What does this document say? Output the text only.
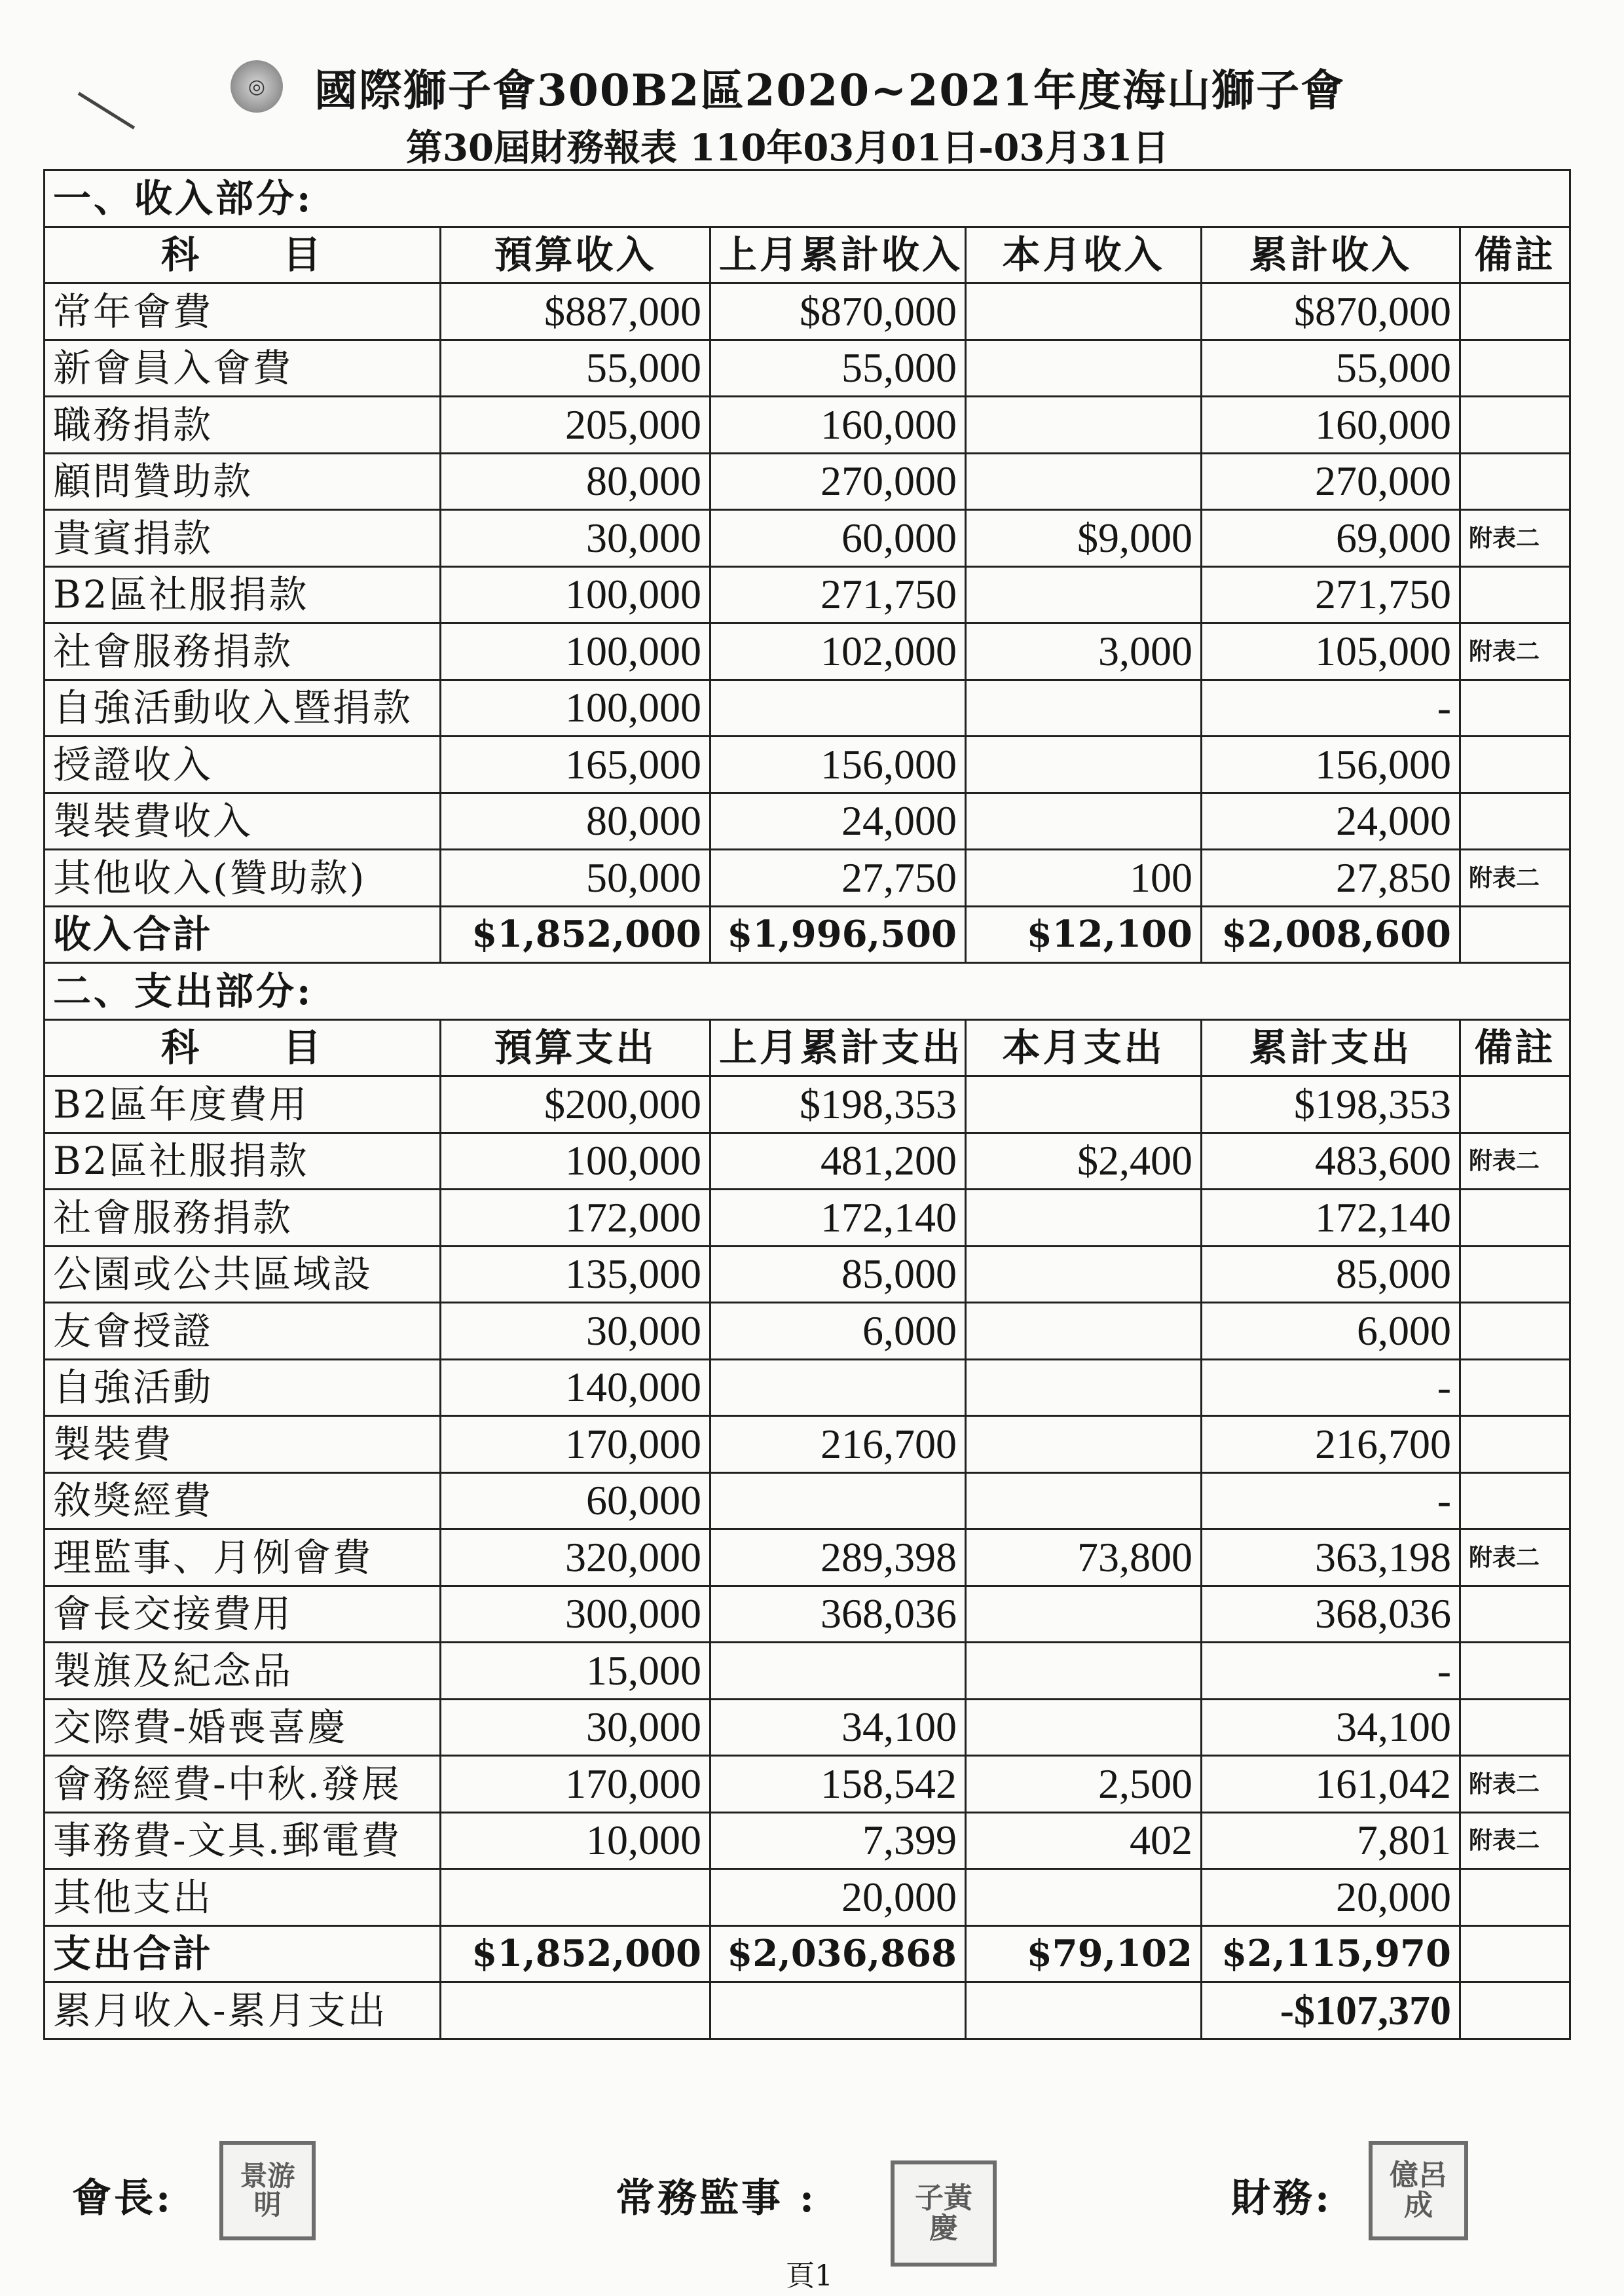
◎	國際獅子會300B2區2020~2021年度海山獅子會
第30屆財務報表 110年03月01日-03月31日
一、收入部分:					
科　　目	預算收入	上月累計收入	本月收入	累計收入	備註
常年會費	$887,000	$870,000		$870,000	
新會員入會費	55,000	55,000		55,000	
職務捐款	205,000	160,000		160,000	
顧問贊助款	80,000	270,000		270,000	
貴賓捐款	30,000	60,000	$9,000	69,000	附表二
B2區社服捐款	100,000	271,750		271,750	
社會服務捐款	100,000	102,000	3,000	105,000	附表二
自強活動收入暨捐款	100,000			-	
授證收入	165,000	156,000		156,000	
製裝費收入	80,000	24,000		24,000	
其他收入(贊助款)	50,000	27,750	100	27,850	附表二
收入合計	$1,852,000	$1,996,500	$12,100	$2,008,600	
二、支出部分:					
科　　目	預算支出	上月累計支出	本月支出	累計支出	備註
B2區年度費用	$200,000	$198,353		$198,353	
B2區社服捐款	100,000	481,200	$2,400	483,600	附表二
社會服務捐款	172,000	172,140		172,140	
公園或公共區域設	135,000	85,000		85,000	
友會授證	30,000	6,000		6,000	
自強活動	140,000			-	
製裝費	170,000	216,700		216,700	
敘獎經費	60,000			-	
理監事、月例會費	320,000	289,398	73,800	363,198	附表二
會長交接費用	300,000	368,036		368,036	
製旗及紀念品	15,000			-	
交際費-婚喪喜慶	30,000	34,100		34,100	
會務經費-中秋.發展	170,000	158,542	2,500	161,042	附表二
事務費-文具.郵電費	10,000	7,399	402	7,801	附表二
其他支出		20,000		20,000	
支出合計	$1,852,000	$2,036,868	$79,102	$2,115,970	
累月收入-累月支出				-$107,370	
會長: 景游
明	常務監事 :	子黃
慶
財務:
億呂
成
頁1
